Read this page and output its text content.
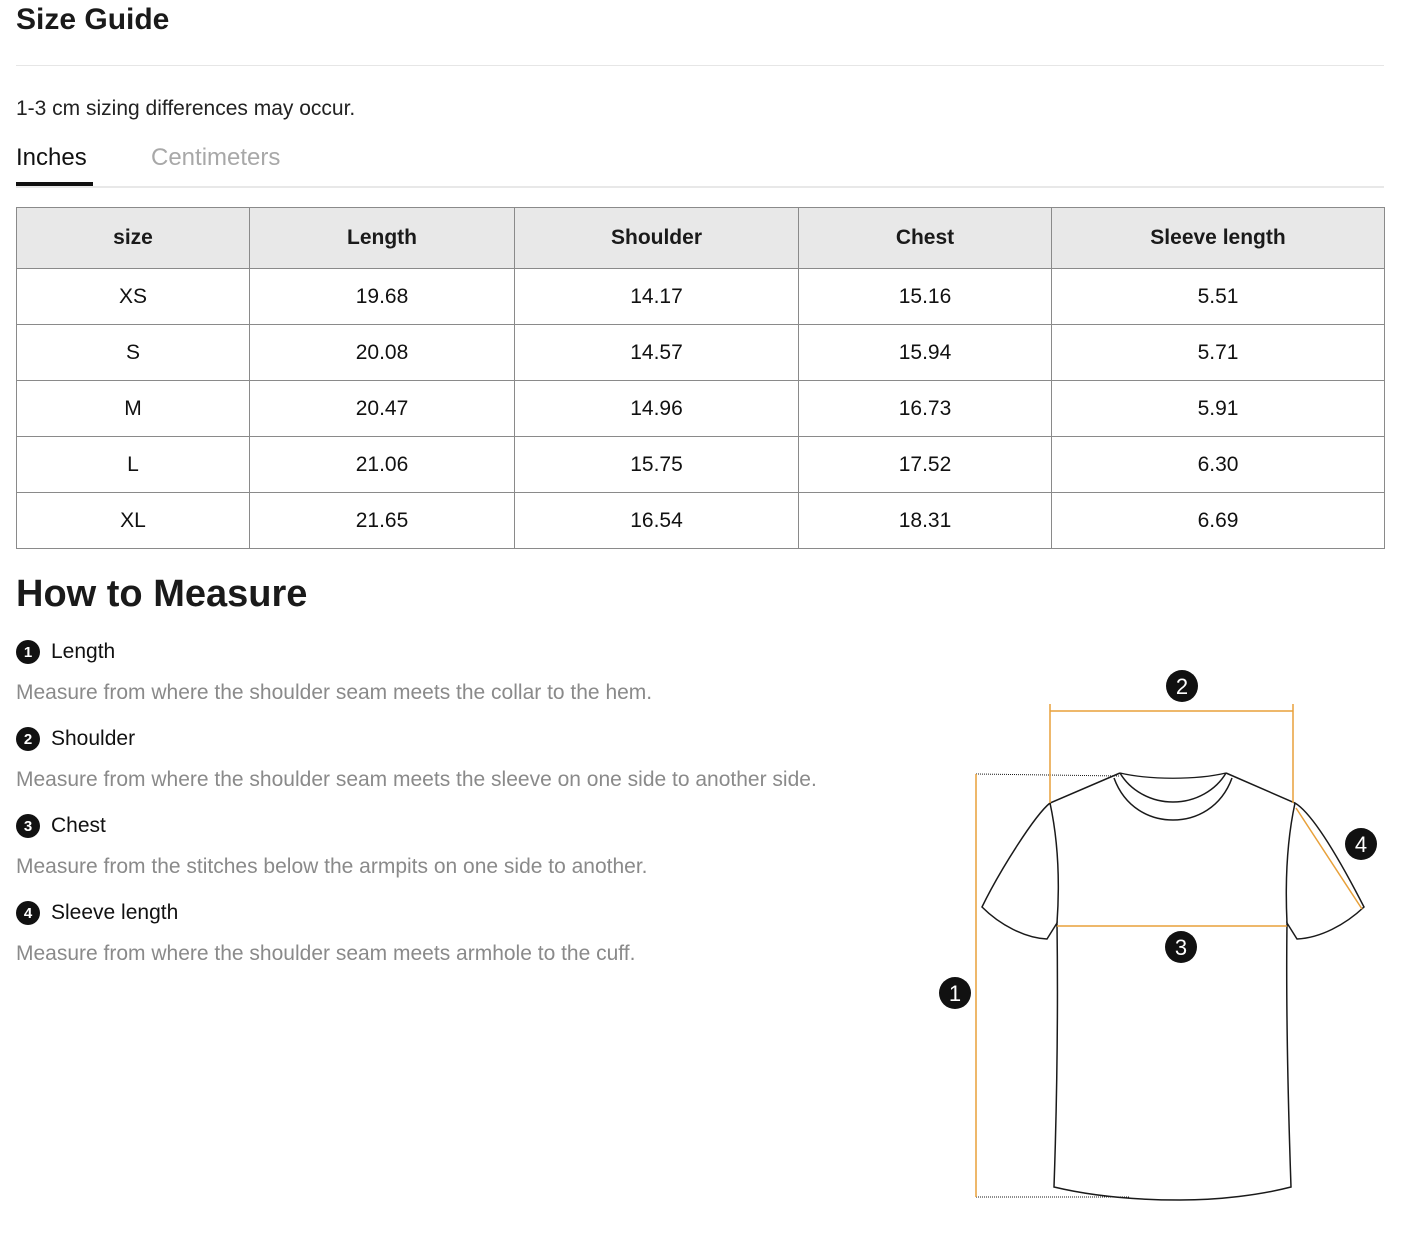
Size Guide
1-3 cm sizing differences may occur.
Inches	Centimeters
size	Length	Shoulder	Chest	Sleeve length
XS	19.68	14.17	15.16	5.51
S	20.08	14.57	15.94	5.71
M	20.47	14.96	16.73	5.91
L	21.06	15.75	17.52	6.30
XL	21.65	16.54	18.31	6.69
How to Measure
1 Length
Measure from where the shoulder seam meets the collar to the hem.
2 Shoulder
Measure from where the shoulder seam meets the sleeve on one side to another side.
3 Chest
Measure from the stitches below the armpits on one side to another.
4 Sleeve length
Measure from where the shoulder seam meets armhole to the cuff.
1
2
3
4
